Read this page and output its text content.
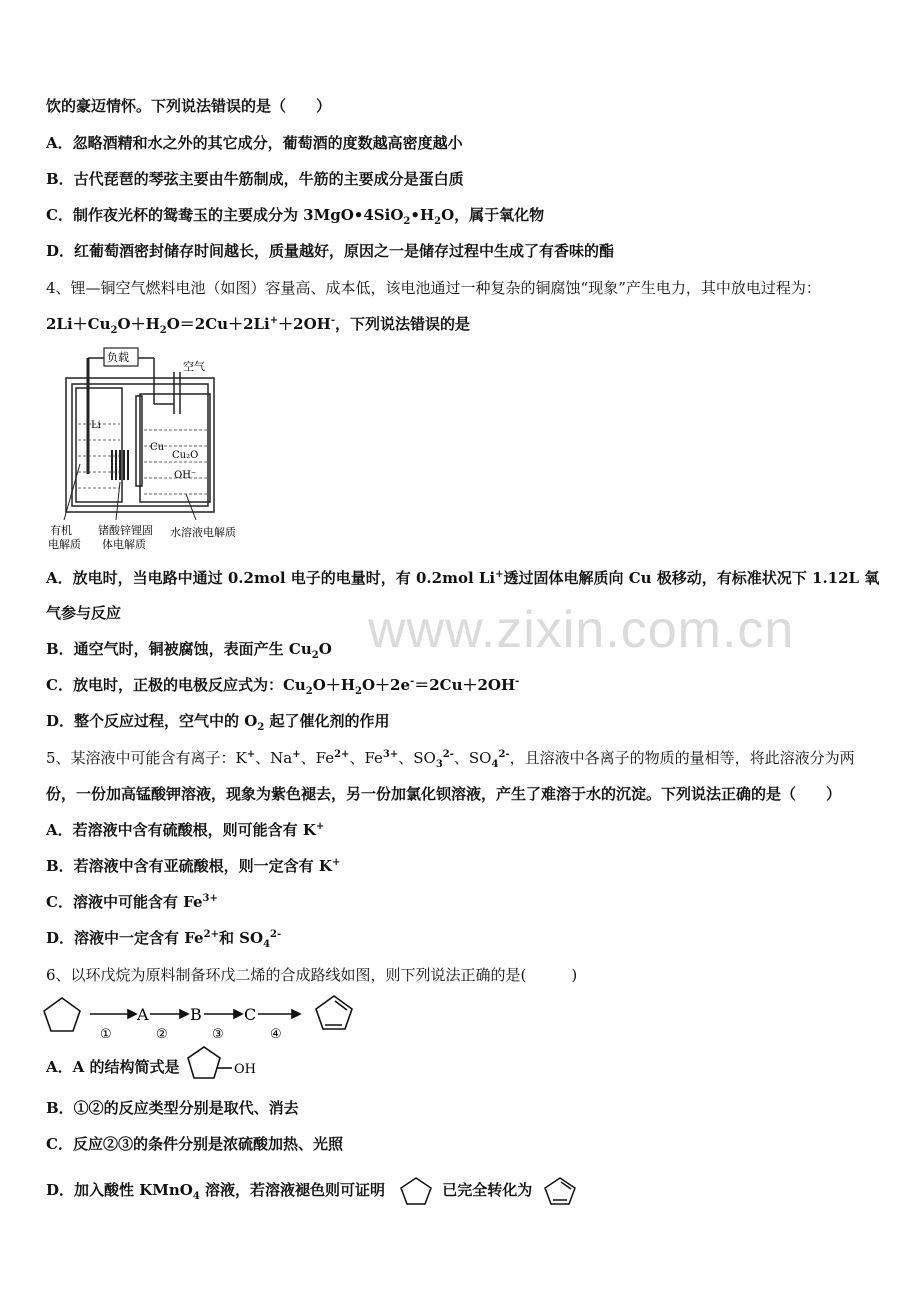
饮的豪迈情怀。下列说法错误的是（　　）
A．忽略酒精和水之外的其它成分，葡萄酒的度数越高密度越小
B．古代琵琶的琴弦主要由牛筋制成，牛筋的主要成分是蛋白质
C．制作夜光杯的鸳鸯玉的主要成分为 $3MgO•4SiO_2•H_2O$，属于氧化物
D．红葡萄酒密封储存时间越长，质量越好，原因之一是储存过程中生成了有香味的酯
4、锂—铜空气燃料电池（如图）容量高、成本低，该电池通过一种复杂的铜腐蚀“现象”产生电力，其中放电过程为：
$2Li+Cu_2O+H_2O=2Cu+2Li^++2OH^-$，下列说法错误的是
负载
空气
Li
Cu
Cu₂O
OH⁻
有机
电解质
锗酸锌锂固
体电解质
水溶液电解质
A．放电时，当电路中通过 0.2mol 电子的电量时，有 0.2mol Li+透过固体电解质向 Cu 极移动，有标准状况下 1.12L 氧
气参与反应
B．通空气时，铜被腐蚀，表面产生 $Cu_2O$
C．放电时，正极的电极反应式为：$Cu_2O+H_2O+2e^-=2Cu+2OH^-$
D．整个反应过程，空气中的 $O_2$ 起了催化剂的作用
5、某溶液中可能含有离子：K+、Na+、$Fe^{2+}$、$Fe^{3+}$、$SO_3^{2-}$、$SO_4^{2-}$，且溶液中各离子的物质的量相等，将此溶液分为两
份，一份加高锰酸钾溶液，现象为紫色褪去，另一份加氯化钡溶液，产生了难溶于水的沉淀。下列说法正确的是（　　）
A．若溶液中含有硫酸根，则可能含有 K+
B．若溶液中含有亚硫酸根，则一定含有 K+
C．溶液中可能含有 $Fe^{3+}$
D．溶液中一定含有 $Fe^{2+}$和 $SO_4^{2-}$
6、以环戊烷为原料制备环戊二烯的合成路线如图，则下列说法正确的是(　　　)
A	B	C
①	②	③	④
A．A 的结构简式是	OH
B．①②的反应类型分别是取代、消去
C．反应②③的条件分别是浓硫酸加热、光照
D．加入酸性 KMnO$_4$ 溶液，若溶液褪色则可证明	已完全转化为
www.zixin.com.cn
